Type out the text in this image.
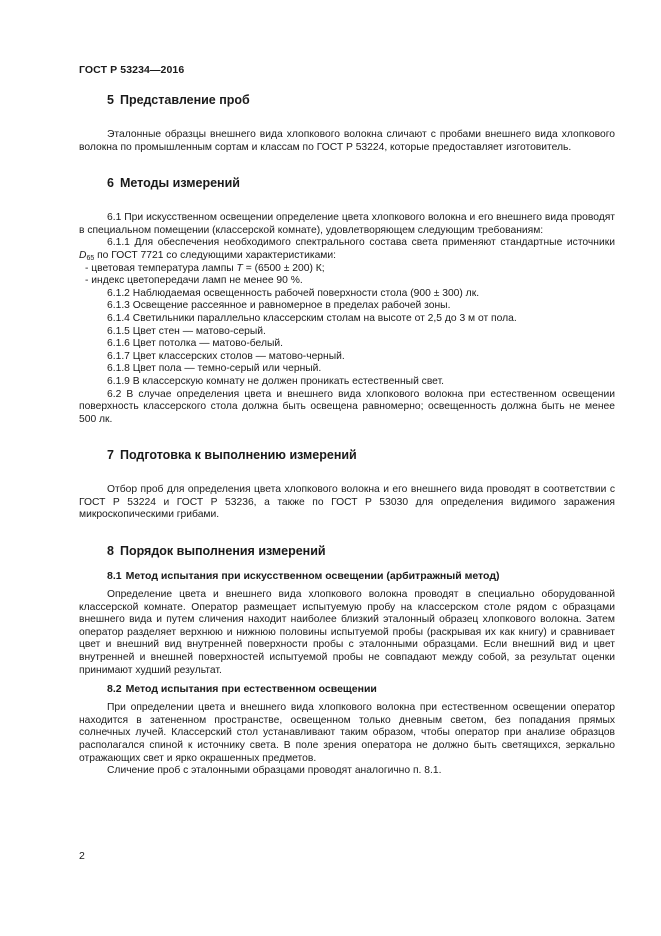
ГОСТ Р 53234—2016
5 Представление проб

Эталонные образцы внешнего вида хлопкового волокна сличают с пробами внешнего вида хлопкового волокна по промышленным сортам и классам по ГОСТ Р 53224, которые предоставляет изготовитель.

6 Методы измерений

6.1 При искусственном освещении определение цвета хлопкового волокна и его внешнего вида проводят в специальном помещении (классерской комнате), удовлетворяющем следующим требованиям:

6.1.1 Для обеспечения необходимого спектрального состава света применяют стандартные источники $D_{65}$ по ГОСТ 7721 со следующими характеристиками:

- цветовая температура лампы T = (6500 ± 200) К;

- индекс цветопередачи ламп не менее 90 %.

6.1.2 Наблюдаемая освещенность рабочей поверхности стола (900 ± 300) лк.

6.1.3 Освещение рассеянное и равномерное в пределах рабочей зоны.

6.1.4 Светильники параллельно классерским столам на высоте от 2,5 до 3 м от пола.

6.1.5 Цвет стен — матово-серый.

6.1.6 Цвет потолка — матово-белый.

6.1.7 Цвет классерских столов — матово-черный.

6.1.8 Цвет пола — темно-серый или черный.

6.1.9 В классерскую комнату не должен проникать естественный свет.

6.2 В случае определения цвета и внешнего вида хлопкового волокна при естественном освещении поверхность классерского стола должна быть освещена равномерно; освещенность должна быть не менее 500 лк.

7 Подготовка к выполнению измерений

Отбор проб для определения цвета хлопкового волокна и его внешнего вида проводят в соответствии с ГОСТ Р 53224 и ГОСТ Р 53236, а также по ГОСТ Р 53030 для определения видимого заражения микроскопическими грибами.

8 Порядок выполнения измерений
8.1 Метод испытания при искусственном освещении (арбитражный метод)

Определение цвета и внешнего вида хлопкового волокна проводят в специально оборудованной классерской комнате. Оператор размещает испытуемую пробу на классерском столе рядом с образцами внешнего вида и путем сличения находит наиболее близкий эталонный образец хлопкового волокна. Затем оператор разделяет верхнюю и нижнюю половины испытуемой пробы (раскрывая их как книгу) и сравнивает цвет и внешний вид внутренней поверхности пробы с эталонными образцами. Если внешний вид и цвет внутренней и внешней поверхностей испытуемой пробы не совпадают между собой, за результат оценки принимают худший результат.

8.2 Метод испытания при естественном освещении

При определении цвета и внешнего вида хлопкового волокна при естественном освещении оператор находится в затененном пространстве, освещенном только дневным светом, без попадания прямых солнечных лучей. Классерский стол устанавливают таким образом, чтобы оператор при анализе образцов располагался спиной к источнику света. В поле зрения оператора не должно быть светящихся, зеркально отражающих свет и ярко окрашенных предметов.

Сличение проб с эталонными образцами проводят аналогично п. 8.1.

2
